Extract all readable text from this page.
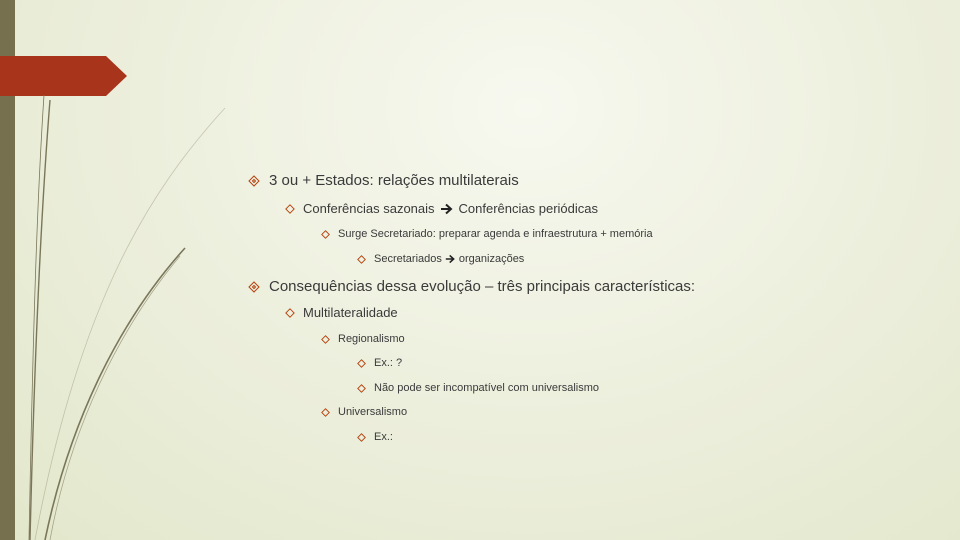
3 ou + Estados: relações multilaterais
Conferências sazonais Conferências periódicas
Surge Secretariado: preparar agenda e infraestrutura + memória
Secretariados organizações
Consequências dessa evolução – três principais características:
Multilateralidade
Regionalismo
Ex.: ?
Não pode ser incompatível com universalismo
Universalismo
Ex.:
